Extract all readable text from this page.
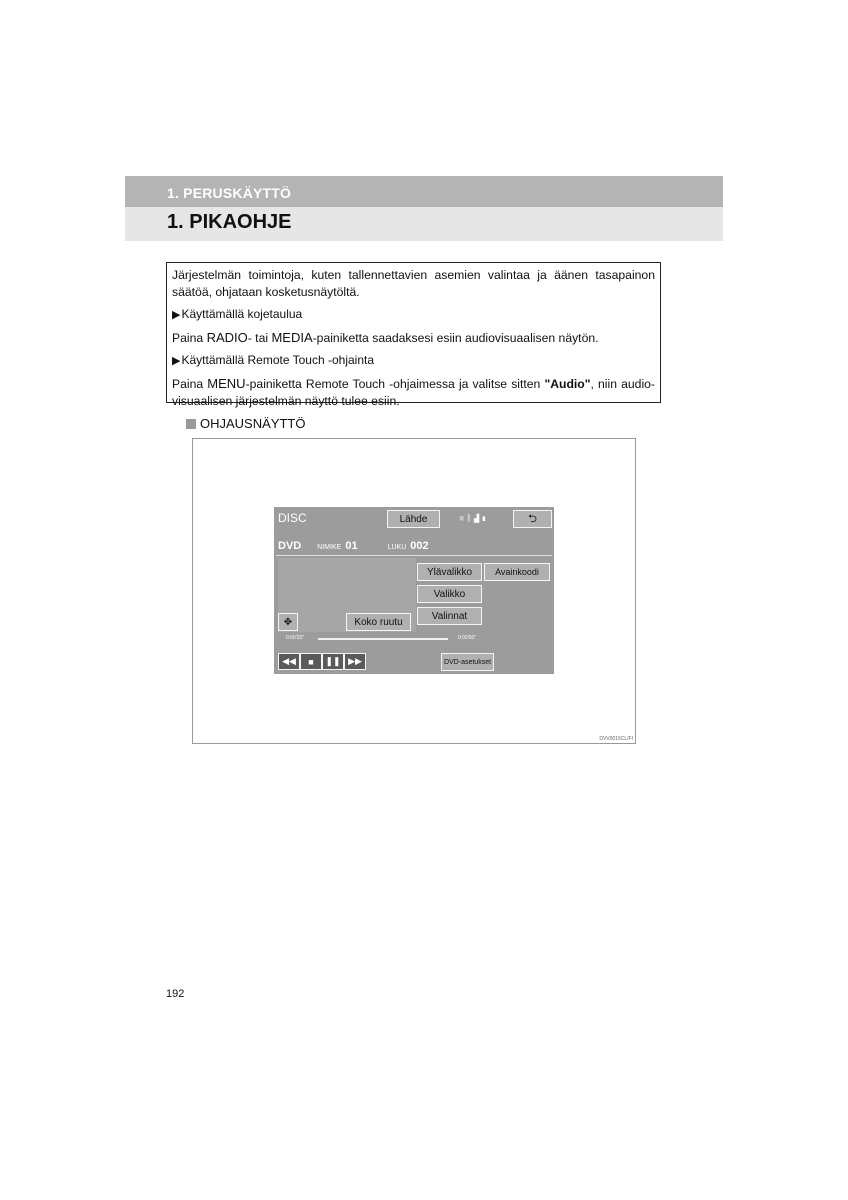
1. PERUSKÄYTTÖ
1. PIKAOHJE

Järjestelmän toimintoja, kuten tallennettavien asemien valintaa ja äänen tasapainon säätöä, ohjataan kosketusnäytöltä.

▶Käyttämällä kojetaulua

Paina RADIO- tai MEDIA-painiketta saadaksesi esiin audiovisuaalisen näytön.

▶Käyttämällä Remote Touch -ohjainta

Paina MENU-painiketta Remote Touch -ohjaimessa ja valitse sitten "Audio", niin audio-visuaalisen järjestelmän näyttö tulee esiin.

OHJAUSNÄYTTÖ
DVV0016CL/FI
DISC	Lähde	≋ᛒ▟▮	⮌
DVD NIMIKE 01	LUKU 002
Ylävalikko	Avainkoodi
Valikko
Valinnat
✥	Koko ruutu
0:00'20"	0:00'00"
◀◀ ■ ❚❚ ▶▶	DVD-asetukset
192
